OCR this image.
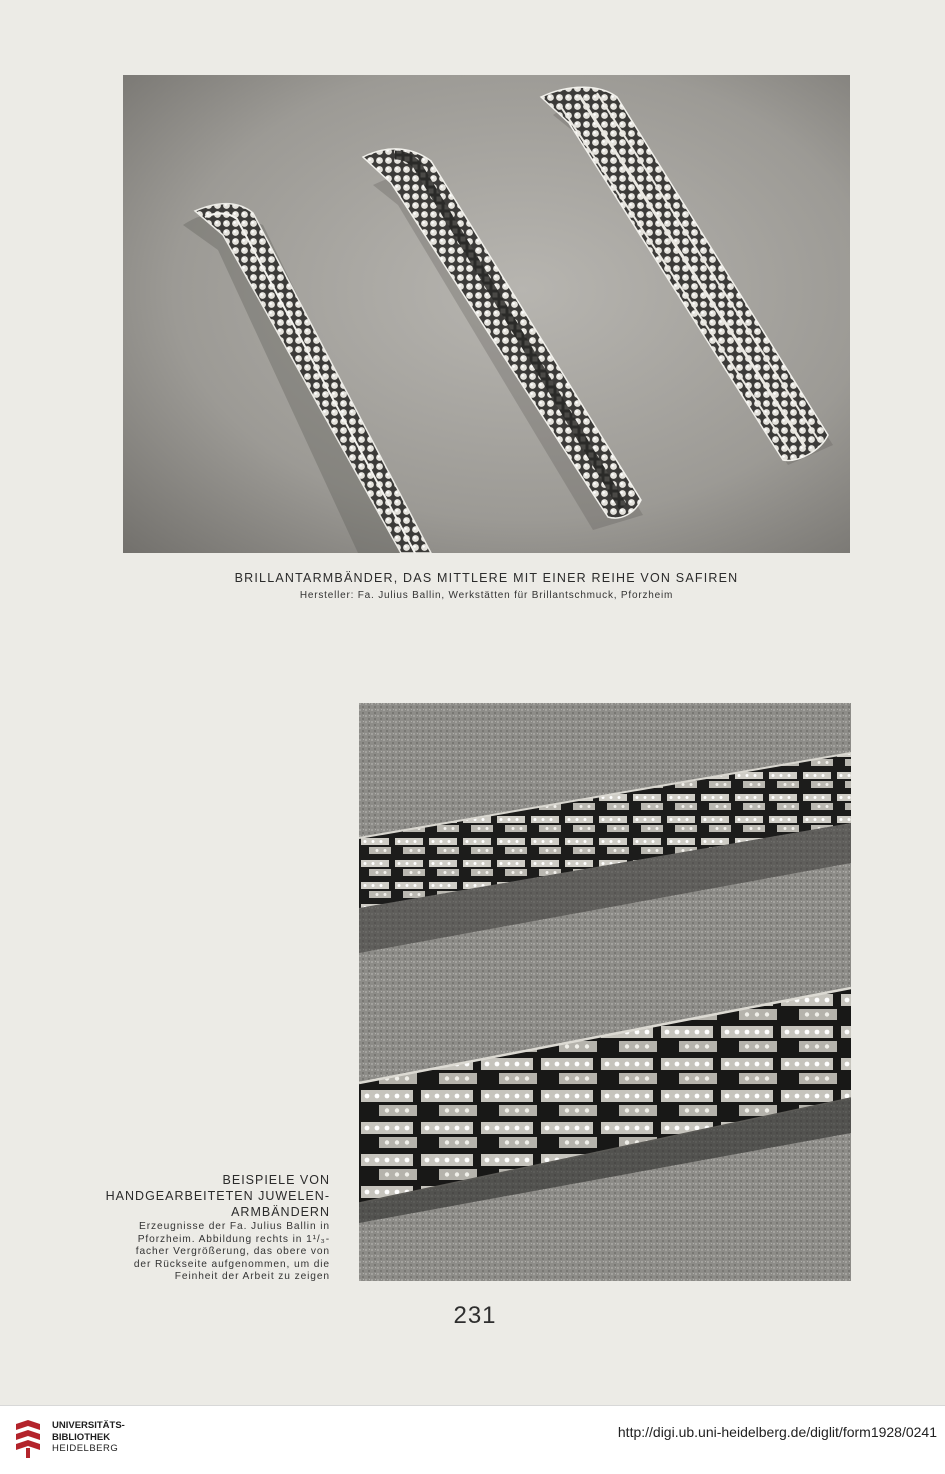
BRILLANTARMBÄNDER, DAS MITTLERE MIT EINER REIHE VON SAFIREN
Hersteller: Fa. Julius Ballin, Werkstätten für Brillantschmuck, Pforzheim
BEISPIELE VON
HANDGEARBEITETEN JUWELEN-
ARMBÄNDERN
Erzeugnisse der Fa. Julius Ballin in
Pforzheim. Abbildung rechts in 1¹/₃-
facher Vergrößerung, das obere von
der Rückseite aufgenommen, um die
Feinheit der Arbeit zu zeigen
231
UNIVERSITÄTS-
BIBLIOTHEK
HEIDELBERG
http://digi.ub.uni-heidelberg.de/diglit/form1928/0241
